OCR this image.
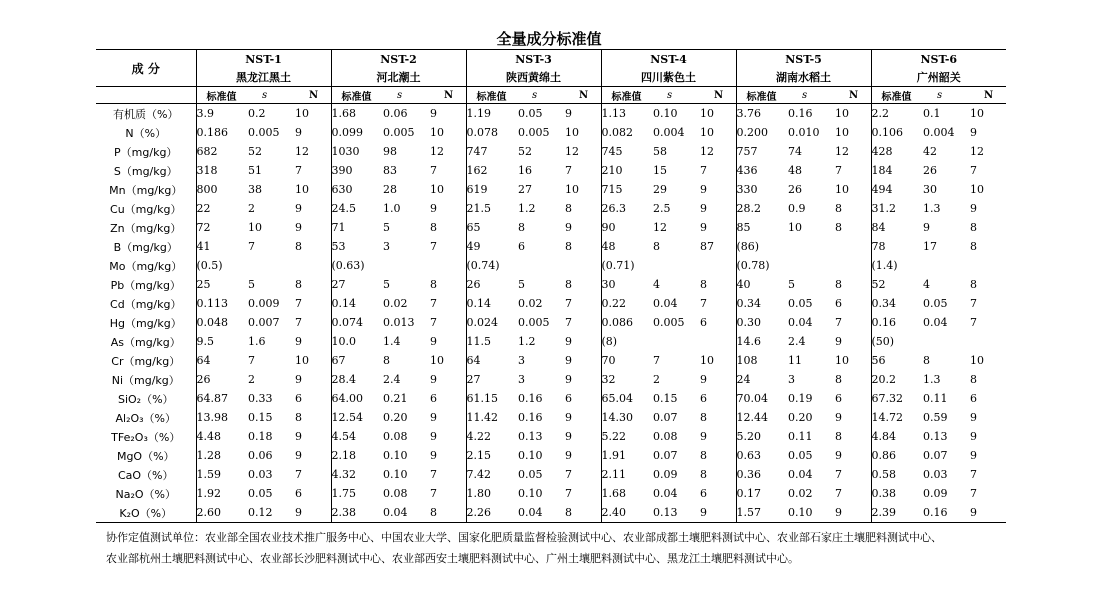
全量成分标准值
成 分	NST-1			NST-2			NST-3			NST-4			NST-5			NST-6		
	黑龙江黑土			河北潮土			陕西黄绵土			四川紫色土			湖南水稻土			广州韶关		
	标准值	s	N	标准值	s	N	标准值	s	N	标准值	s	N	标准值	s	N	标准值	s	N
有机质（%）	3.9	0.2	10	1.68	0.06	9	1.19	0.05	9	1.13	0.10	10	3.76	0.16	10	2.2	0.1	10
N（%）	0.186	0.005	9	0.099	0.005	10	0.078	0.005	10	0.082	0.004	10	0.200	0.010	10	0.106	0.004	9
P（mg/kg）	682	52	12	1030	98	12	747	52	12	745	58	12	757	74	12	428	42	12
S（mg/kg）	318	51	7	390	83	7	162	16	7	210	15	7	436	48	7	184	26	7
Mn（mg/kg）	800	38	10	630	28	10	619	27	10	715	29	9	330	26	10	494	30	10
Cu（mg/kg）	22	2	9	24.5	1.0	9	21.5	1.2	8	26.3	2.5	9	28.2	0.9	8	31.2	1.3	9
Zn（mg/kg）	72	10	9	71	5	8	65	8	9	90	12	9	85	10	8	84	9	8
B（mg/kg）	41	7	8	53	3	7	49	6	8	48	8	87	(86)			78	17	8
Mo（mg/kg）	(0.5)			(0.63)			(0.74)			(0.71)			(0.78)			(1.4)		
Pb（mg/kg）	25	5	8	27	5	8	26	5	8	30	4	8	40	5	8	52	4	8
Cd（mg/kg）	0.113	0.009	7	0.14	0.02	7	0.14	0.02	7	0.22	0.04	7	0.34	0.05	6	0.34	0.05	7
Hg（mg/kg）	0.048	0.007	7	0.074	0.013	7	0.024	0.005	7	0.086	0.005	6	0.30	0.04	7	0.16	0.04	7
As（mg/kg）	9.5	1.6	9	10.0	1.4	9	11.5	1.2	9	(8)			14.6	2.4	9	(50)		
Cr（mg/kg）	64	7	10	67	8	10	64	3	9	70	7	10	108	11	10	56	8	10
Ni（mg/kg）	26	2	9	28.4	2.4	9	27	3	9	32	2	9	24	3	8	20.2	1.3	8
SiO₂（%）	64.87	0.33	6	64.00	0.21	6	61.15	0.16	6	65.04	0.15	6	70.04	0.19	6	67.32	0.11	6
Al₂O₃（%）	13.98	0.15	8	12.54	0.20	9	11.42	0.16	9	14.30	0.07	8	12.44	0.20	9	14.72	0.59	9
TFe₂O₃（%）	4.48	0.18	9	4.54	0.08	9	4.22	0.13	9	5.22	0.08	9	5.20	0.11	8	4.84	0.13	9
MgO（%）	1.28	0.06	9	2.18	0.10	9	2.15	0.10	9	1.91	0.07	8	0.63	0.05	9	0.86	0.07	9
CaO（%）	1.59	0.03	7	4.32	0.10	7	7.42	0.05	7	2.11	0.09	8	0.36	0.04	7	0.58	0.03	7
Na₂O（%）	1.92	0.05	6	1.75	0.08	7	1.80	0.10	7	1.68	0.04	6	0.17	0.02	7	0.38	0.09	7
K₂O（%）	2.60	0.12	9	2.38	0.04	8	2.26	0.04	8	2.40	0.13	9	1.57	0.10	9	2.39	0.16	9
协作定值测试单位：农业部全国农业技术推广服务中心、中国农业大学、国家化肥质量监督检验测试中心、农业部成都土壤肥料测试中心、农业部石家庄土壤肥料测试中心、
农业部杭州土壤肥料测试中心、农业部长沙肥料测试中心、农业部西安土壤肥料测试中心、广州土壤肥料测试中心、黑龙江土壤肥料测试中心。
